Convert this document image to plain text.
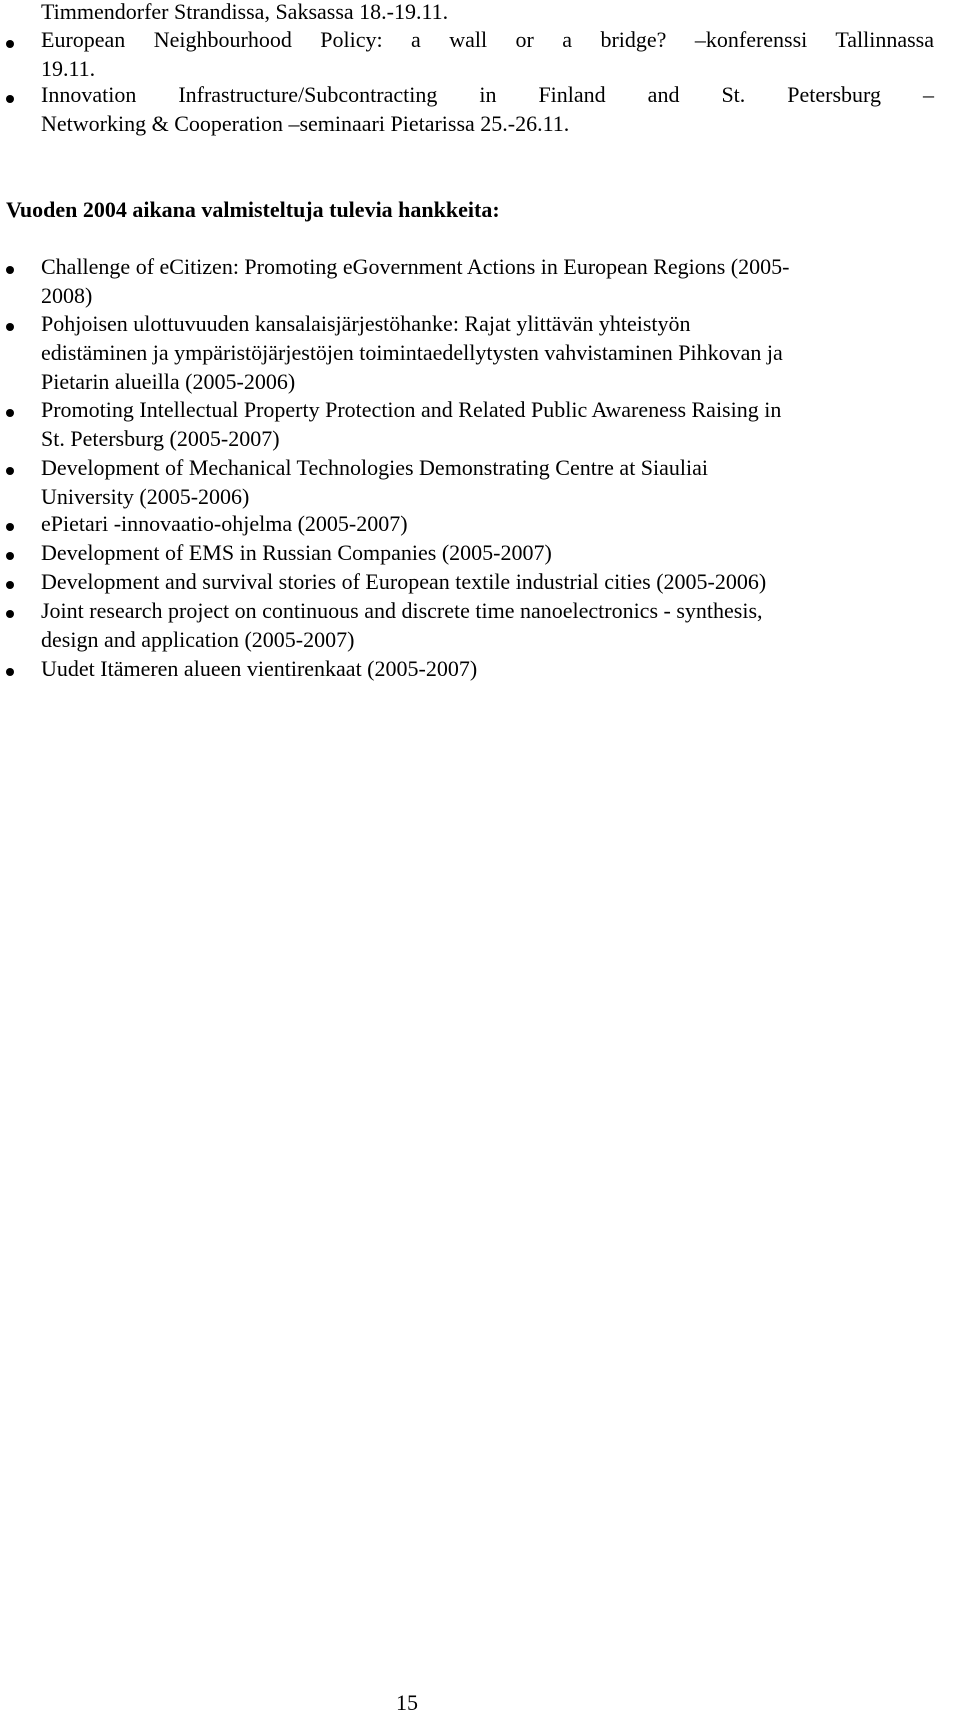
Timmendorfer Strandissa, Saksassa 18.-19.11.
European Neighbourhood Policy: a wall or a bridge? –konferenssi Tallinnassa
19.11.
Innovation Infrastructure/Subcontracting in Finland and St. Petersburg –
Networking & Cooperation –seminaari Pietarissa 25.-26.11.
Vuoden 2004 aikana valmisteltuja tulevia hankkeita:
Challenge of eCitizen: Promoting eGovernment Actions in European Regions (2005-
2008)
Pohjoisen ulottuvuuden kansalaisjärjestöhanke: Rajat ylittävän yhteistyön
edistäminen ja ympäristöjärjestöjen toimintaedellytysten vahvistaminen Pihkovan ja
Pietarin alueilla (2005-2006)
Promoting Intellectual Property Protection and Related Public Awareness Raising in
St. Petersburg (2005-2007)
Development of Mechanical Technologies Demonstrating Centre at Siauliai
University (2005-2006)
ePietari -innovaatio-ohjelma (2005-2007)
Development of EMS in Russian Companies (2005-2007)
Development and survival stories of European textile industrial cities (2005-2006)
Joint research project on continuous and discrete time nanoelectronics - synthesis,
design and application (2005-2007)
Uudet Itämeren alueen vientirenkaat (2005-2007)
15
